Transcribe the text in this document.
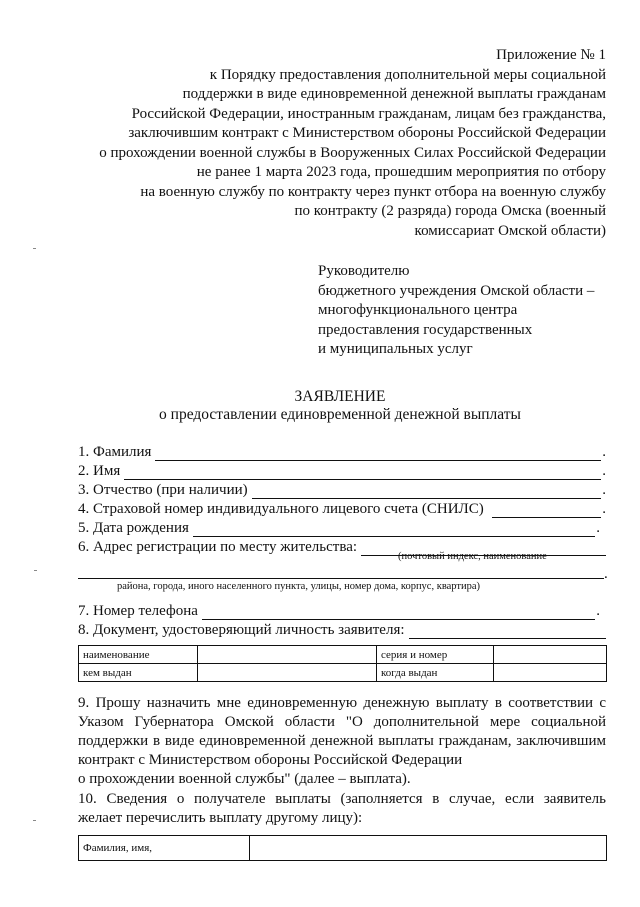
Приложение № 1
к Порядку предоставления дополнительной меры социальной
поддержки в виде единовременной денежной выплаты гражданам
Российской Федерации, иностранным гражданам, лицам без гражданства,
заключившим контракт с Министерством обороны Российской Федерации
о прохождении военной службы в Вооруженных Силах Российской Федерации
не ранее 1 марта 2023 года, прошедшим мероприятия по отбору
на военную службу по контракту через пункт отбора на военную службу
по контракту (2 разряда) города Омска (военный
комиссариат Омской области)
Руководителю
бюджетного учреждения Омской области –
многофункционального центра
предоставления государственных
и муниципальных услуг
ЗАЯВЛЕНИЕ
о предоставлении единовременной денежной выплаты
1. Фамилия	.
2. Имя	.
3. Отчество (при наличии)	.
4. Страховой номер индивидуального лицевого счета (СНИЛС)	.
5. Дата рождения	.
6. Адрес регистрации по месту жительства:
(почтовый индекс, наименование
.
района, города, иного населенного пункта, улицы, номер дома, корпус, квартира)
7. Номер телефона	.
8. Документ, удостоверяющий личность заявителя:
наименование		серия и номер	
кем выдан		когда выдан	
9. Прошу назначить мне единовременную денежную выплату в соответствии с Указом Губернатора Омской области "О дополнительной мере социальной поддержки в виде единовременной денежной выплаты гражданам, заключившим контракт с Министерством обороны Российской Федерации
о прохождении военной службы" (далее – выплата).
10. Сведения о получателе выплаты (заполняется в случае, если заявитель
желает перечислить выплату другому лицу):
Фамилия, имя,	
